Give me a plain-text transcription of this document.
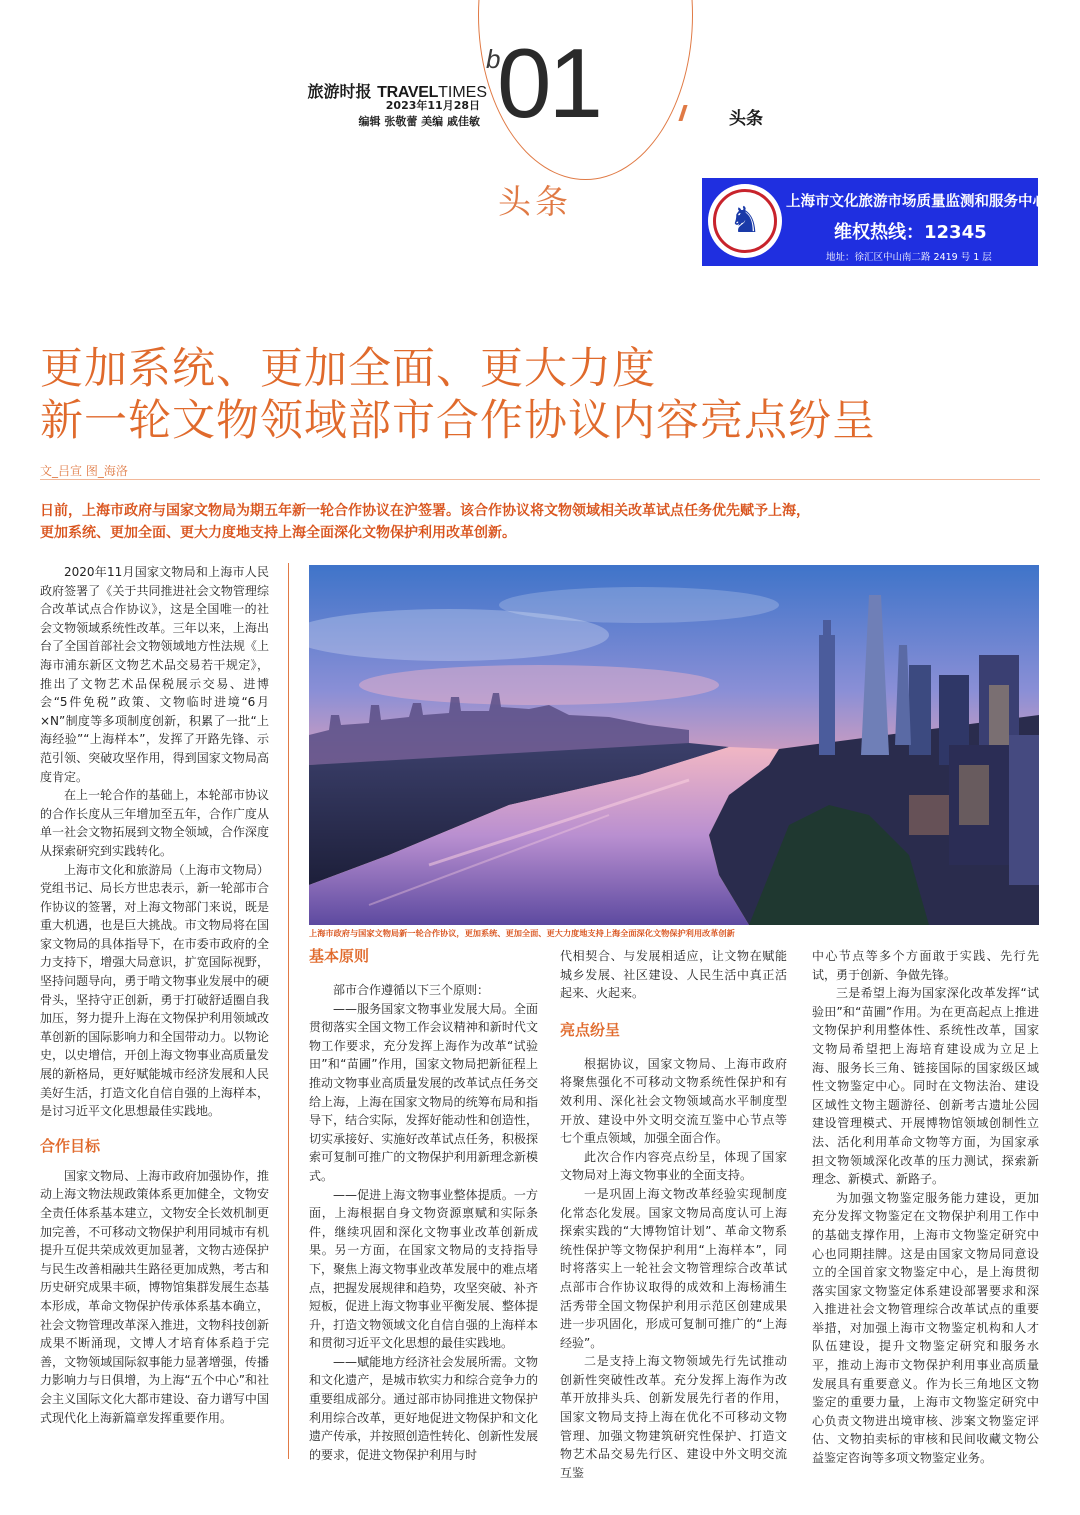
旅游时报 TRAVELTIMES
2023年11月28日
编辑 张敬蕾 美编 戚佳敏
b
01	头条
头条	♞	上海市文化旅游市场质量监测和服务中心
维权热线：12345
地址：徐汇区中山南二路 2419 号 1 层
更加系统、更加全面、更大力度
新一轮文物领域部市合作协议内容亮点纷呈
文_吕宣 图_海洛
日前，上海市政府与国家文物局为期五年新一轮合作协议在沪签署。该合作协议将文物领域相关改革试点任务优先赋予上海，更加系统、更加全面、更大力度地支持上海全面深化文物保护利用改革创新。

2020年11月国家文物局和上海市人民政府签署了《关于共同推进社会文物管理综合改革试点合作协议》，这是全国唯一的社会文物领域系统性改革。三年以来，上海出台了全国首部社会文物领域地方性法规《上海市浦东新区文物艺术品交易若干规定》，推出了文物艺术品保税展示交易、进博会“5件免税”政策、文物临时进境“6月×N”制度等多项制度创新，积累了一批“上海经验”“上海样本”，发挥了开路先锋、示范引领、突破攻坚作用，得到国家文物局高度肯定。

在上一轮合作的基础上，本轮部市协议的合作长度从三年增加至五年，合作广度从单一社会文物拓展到文物全领域，合作深度从探索研究到实践转化。

上海市文化和旅游局（上海市文物局）党组书记、局长方世忠表示，新一轮部市合作协议的签署，对上海文物部门来说，既是重大机遇，也是巨大挑战。市文物局将在国家文物局的具体指导下，在市委市政府的全力支持下，增强大局意识，扩宽国际视野，坚持问题导向，勇于啃文物事业发展中的硬骨头，坚持守正创新，勇于打破舒适圈自我加压，努力提升上海在文物保护利用领域改革创新的国际影响力和全国带动力。以物论史，以史增信，开创上海文物事业高质量发展的新格局，更好赋能城市经济发展和人民美好生活，打造文化自信自强的上海样本，是讨习近平文化思想最佳实践地。

合作目标

国家文物局、上海市政府加强协作，推动上海文物法规政策体系更加健全，文物安全责任体系基本建立，文物安全长效机制更加完善，不可移动文物保护利用同城市有机提升互促共荣成效更加显著，文物古迹保护与民生改善相融共生路径更加成熟，考古和历史研究成果丰硕，博物馆集群发展生态基本形成，革命文物保护传承体系基本确立，社会文物管理改革深入推进，文物科技创新成果不断涌现，文博人才培育体系趋于完善，文物领域国际叙事能力显著增强，传播力影响力与日俱增，为上海“五个中心”和社会主义国际文化大都市建设、奋力谱写中国式现代化上海新篇章发挥重要作用。

上海市政府与国家文物局新一轮合作协议，更加系统、更加全面、更大力度地支持上海全面深化文物保护利用改革创新
基本原则

部市合作遵循以下三个原则：

——服务国家文物事业发展大局。全面贯彻落实全国文物工作会议精神和新时代文物工作要求，充分发挥上海作为改革“试验田”和“苗圃”作用，国家文物局把新征程上推动文物事业高质量发展的改革试点任务交给上海，上海在国家文物局的统筹布局和指导下，结合实际，发挥好能动性和创造性，切实承接好、实施好改革试点任务，积极探索可复制可推广的文物保护利用新理念新模式。

——促进上海文物事业整体提质。一方面，上海根据自身文物资源禀赋和实际条件，继续巩固和深化文物事业改革创新成果。另一方面，在国家文物局的支持指导下，聚焦上海文物事业改革发展中的难点堵点，把握发展规律和趋势，攻坚突破、补齐短板，促进上海文物事业平衡发展、整体提升，打造文物领域文化自信自强的上海样本和贯彻习近平文化思想的最佳实践地。

——赋能地方经济社会发展所需。文物和文化遗产，是城市软实力和综合竞争力的重要组成部分。通过部市协同推进文物保护利用综合改革，更好地促进文物保护和文化遗产传承，并按照创造性转化、创新性发展的要求，促进文物保护利用与时

代相契合、与发展相适应，让文物在赋能城乡发展、社区建设、人民生活中真正活起来、火起来。

亮点纷呈

根据协议，国家文物局、上海市政府将聚焦强化不可移动文物系统性保护和有效利用、深化社会文物领域高水平制度型开放、建设中外文明交流互鉴中心节点等七个重点领域，加强全面合作。

此次合作内容亮点纷呈，体现了国家文物局对上海文物事业的全面支持。

一是巩固上海文物改革经验实现制度化常态化发展。国家文物局高度认可上海探索实践的“大博物馆计划”、革命文物系统性保护等文物保护利用“上海样本”，同时将落实上一轮社会文物管理综合改革试点部市合作协议取得的成效和上海杨浦生活秀带全国文物保护利用示范区创建成果进一步巩固化，形成可复制可推广的“上海经验”。

二是支持上海文物领域先行先试推动创新性突破性改革。充分发挥上海作为改革开放排头兵、创新发展先行者的作用，国家文物局支持上海在优化不可移动文物管理、加强文物建筑研究性保护、打造文物艺术品交易先行区、建设中外文明交流互鉴

中心节点等多个方面敢于实践、先行先试，勇于创新、争做先锋。

三是希望上海为国家深化改革发挥“试验田”和“苗圃”作用。为在更高起点上推进文物保护利用整体性、系统性改革，国家文物局希望把上海培育建设成为立足上海、服务长三角、链接国际的国家级区域性文物鉴定中心。同时在文物法治、建设区域性文物主题游径、创新考古遗址公园建设管理模式、开展博物馆领域创制性立法、活化利用革命文物等方面，为国家承担文物领域深化改革的压力测试，探索新理念、新模式、新路子。

为加强文物鉴定服务能力建设，更加充分发挥文物鉴定在文物保护利用工作中的基础支撑作用，上海市文物鉴定研究中心也同期挂牌。这是由国家文物局同意设立的全国首家文物鉴定中心，是上海贯彻落实国家文物鉴定体系建设部署要求和深入推进社会文物管理综合改革试点的重要举措，对加强上海市文物鉴定机构和人才队伍建设，提升文物鉴定研究和服务水平，推动上海市文物保护利用事业高质量发展具有重要意义。作为长三角地区文物鉴定的重要力量，上海市文物鉴定研究中心负责文物进出境审核、涉案文物鉴定评估、文物拍卖标的审核和民间收藏文物公益鉴定咨询等多项文物鉴定业务。
